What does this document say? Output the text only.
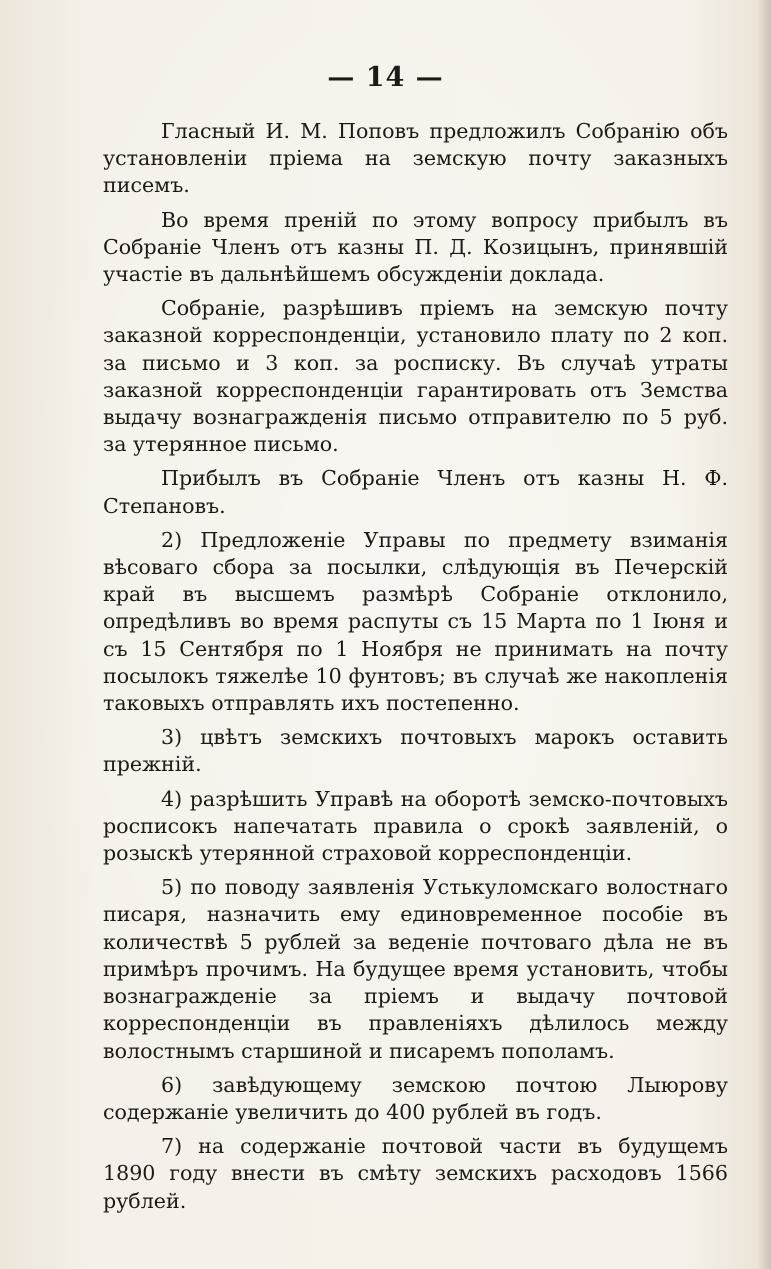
— 14 —

Гласный И. М. Поповъ предложилъ Собранію объ установленіи пріема на земскую почту заказныхъ писемъ.

Во время преній по этому вопросу прибылъ въ Собраніе Членъ отъ казны П. Д. Козицынъ, принявшій участіе въ дальнѣйшемъ обсужденіи доклада.

Собраніе, разрѣшивъ пріемъ на земскую почту заказной корреспонденціи, установило плату по 2 коп. за письмо и 3 коп. за росписку. Въ случаѣ утраты заказной корреспонденціи гарантировать отъ Земства выдачу вознагражденія письмо отправителю по 5 руб. за утерянное письмо.

Прибылъ въ Собраніе Членъ отъ казны Н. Ф. Степановъ.

2) Предложеніе Управы по предмету взиманія вѣсоваго сбора за посылки, слѣдующія въ Печерскій край въ высшемъ размѣрѣ Собраніе отклонило, опредѣливъ во время распуты съ 15 Марта по 1 Іюня и съ 15 Сентября по 1 Ноября не принимать на почту посылокъ тяжелѣе 10 фунтовъ; въ случаѣ же накопленія таковыхъ отправлять ихъ постепенно.

3) цвѣтъ земскихъ почтовыхъ марокъ оставить прежній.

4) разрѣшить Управѣ на оборотѣ земско-почтовыхъ росписокъ напечатать правила о срокѣ заявленій, о розыскѣ утерянной страховой корреспонденціи.

5) по поводу заявленія Устькуломскаго волостнаго писаря, назначить ему единовременное пособіе въ количествѣ 5 рублей за веденіе почтоваго дѣла не въ примѣръ прочимъ. На будущее время установить, чтобы вознагражденіе за пріемъ и выдачу почтовой корреспонденціи въ правленіяхъ дѣлилось между волостнымъ старшиной и писаремъ пополамъ.

6) завѣдующему земскою почтою Лыюрову содержаніе увеличить до 400 рублей въ годъ.

7) на содержаніе почтовой части въ будущемъ 1890 году внести въ смѣту земскихъ расходовъ 1566 рублей.
